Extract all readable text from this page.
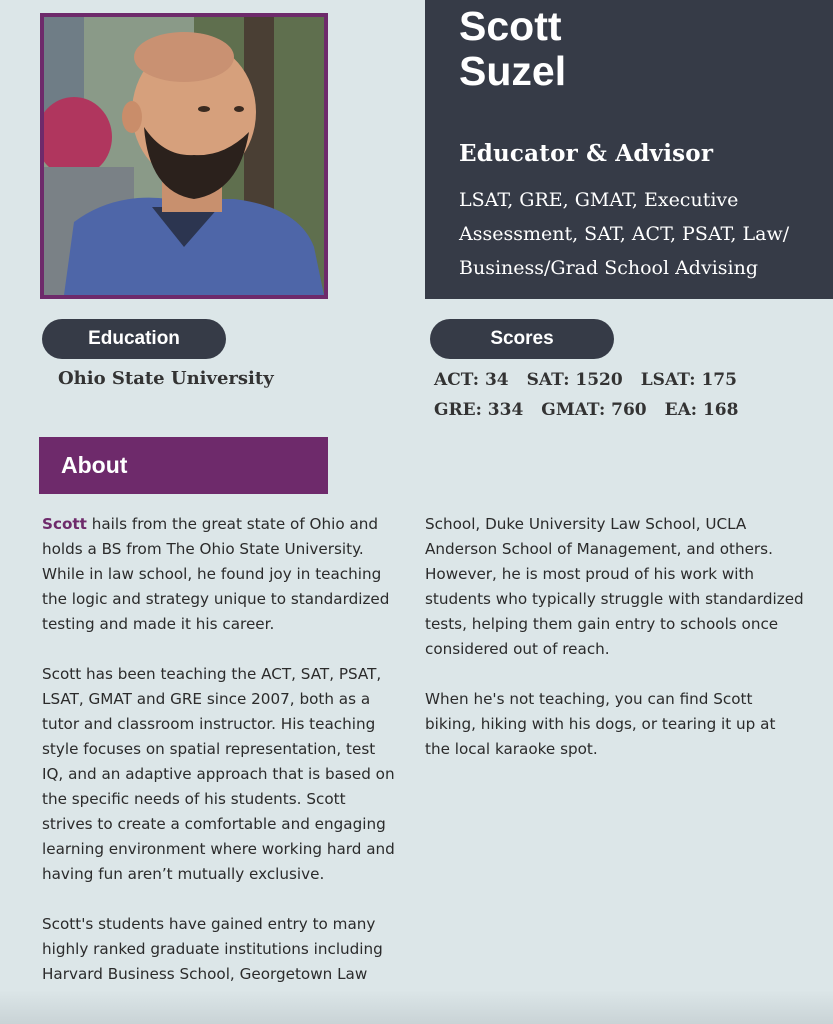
Scott
Suzel
Educator & Advisor
LSAT, GRE, GMAT, Executive Assessment, SAT, ACT, PSAT, Law/ Business/Grad School Advising
Education
Ohio State University
Scores
ACT: 34 SAT: 1520 LSAT: 175
GRE: 334 GMAT: 760 EA: 168
About

Scott hails from the great state of Ohio and holds a BS from The Ohio State University. While in law school, he found joy in teaching the logic and strategy unique to standardized testing and made it his career.

Scott has been teaching the ACT, SAT, PSAT, LSAT, GMAT and GRE since 2007, both as a tutor and classroom instructor. His teaching style focuses on spatial representation, test IQ, and an adaptive approach that is based on the specific needs of his students. Scott strives to create a comfortable and engaging learning environment where working hard and having fun aren’t mutually exclusive.

Scott's students have gained entry to many highly ranked graduate institutions including Harvard Business School, Georgetown Law

School, Duke University Law School, UCLA Anderson School of Management, and others. However, he is most proud of his work with students who typically struggle with standardized tests, helping them gain entry to schools once considered out of reach.

When he's not teaching, you can find Scott biking, hiking with his dogs, or tearing it up at the local karaoke spot.
